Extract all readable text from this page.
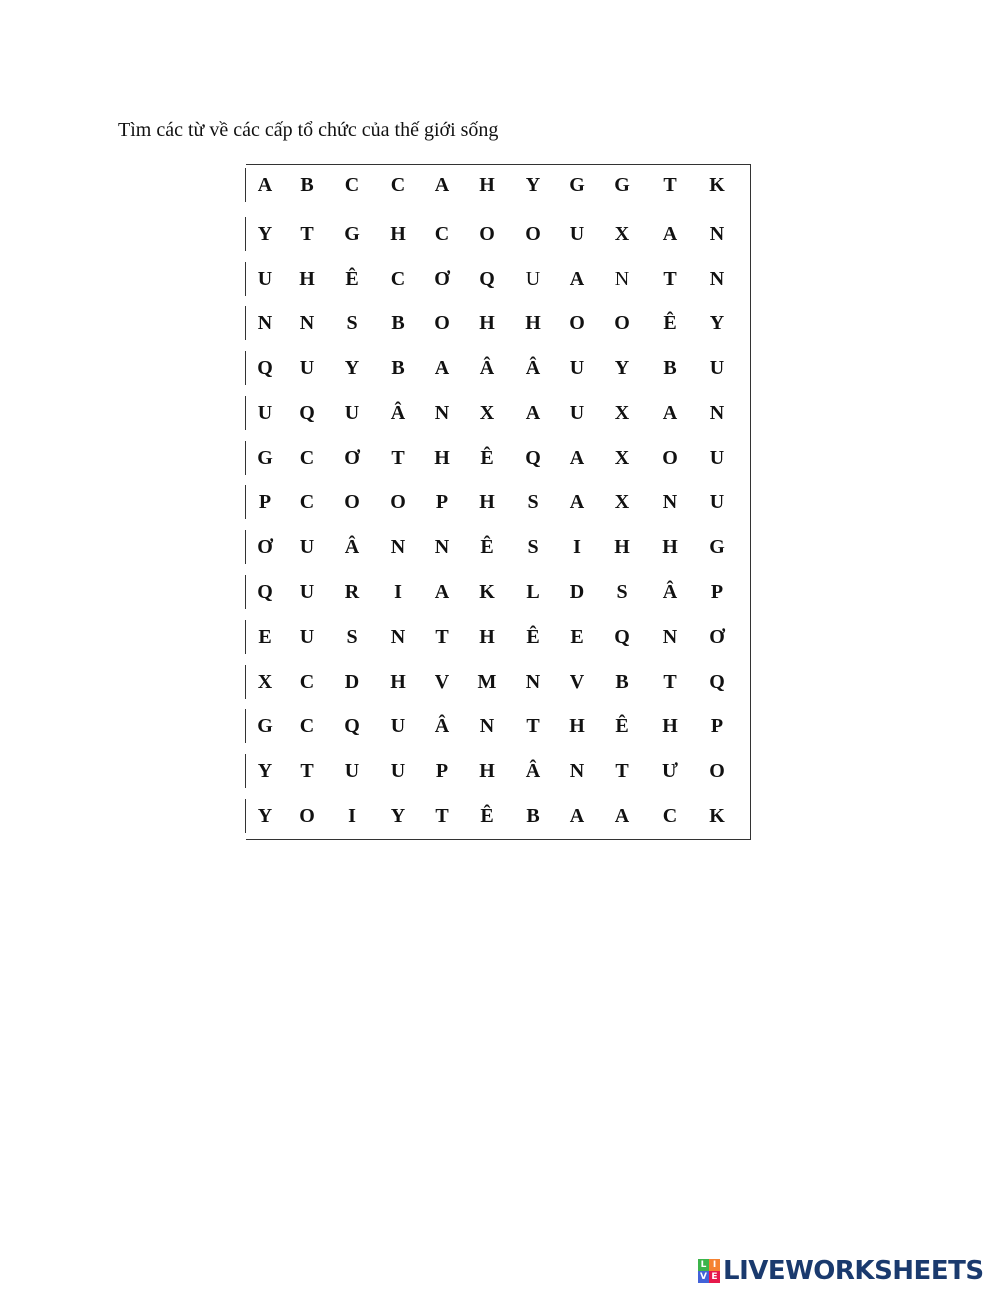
Tìm các từ về các cấp tổ chức của thế giới sống
A	B	C	C	A	H	Y	G	G	T	K
Y	T	G	H	C	O	O	U	X	A	N
U	H	Ê	C	Ơ	Q	U	A	N	T	N
N	N	S	B	O	H	H	O	O	Ê	Y
Q	U	Y	B	A	Â	Â	U	Y	B	U
U	Q	U	Â	N	X	A	U	X	A	N
G	C	Ơ	T	H	Ê	Q	A	X	O	U
P	C	O	O	P	H	S	A	X	N	U
Ơ	U	Â	N	N	Ê	S	I	H	H	G
Q	U	R	I	A	K	L	D	S	Â	P
E	U	S	N	T	H	Ê	E	Q	N	Ơ
X	C	D	H	V	M	N	V	B	T	Q
G	C	Q	U	Â	N	T	H	Ê	H	P
Y	T	U	U	P	H	Â	N	T	Ư	O
Y	O	I	Y	T	Ê	B	A	A	C	K
L I
V E LIVEWORKSHEETS
